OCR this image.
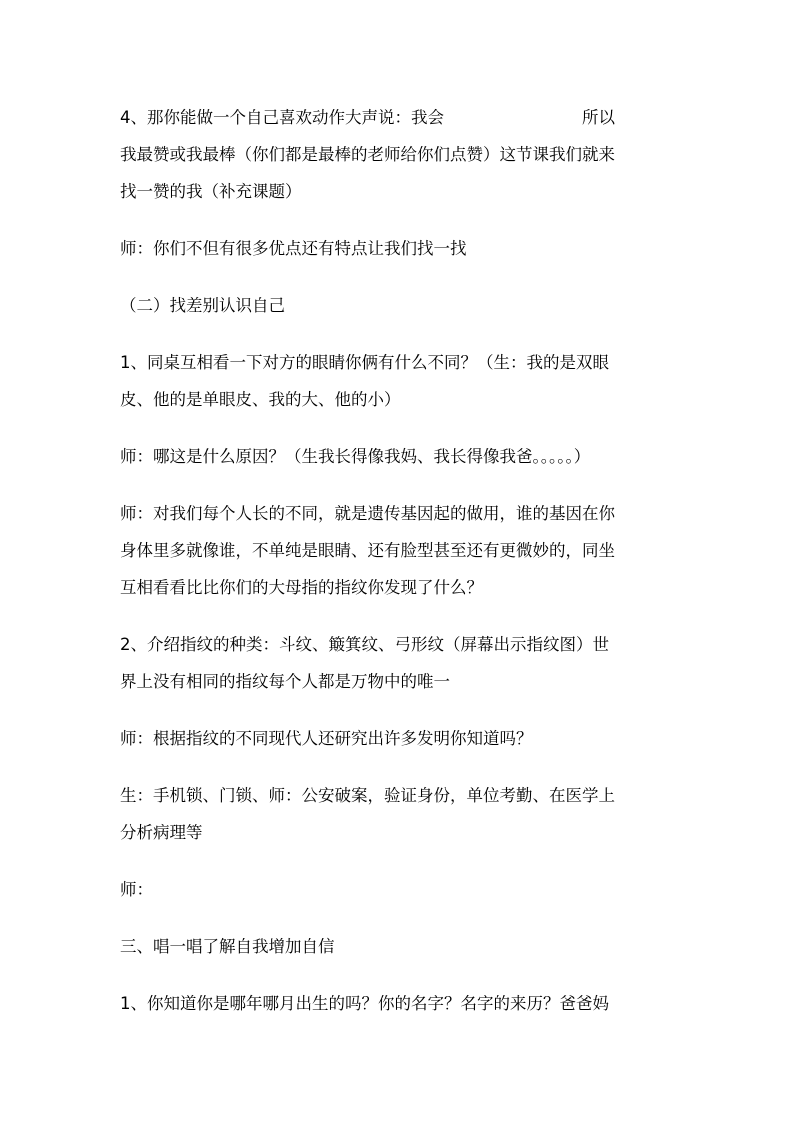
4、那你能做一个自己喜欢动作大声说：我会	所以
我最赞或我最棒（你们都是最棒的老师给你们点赞）这节课我们就来
找一赞的我（补充课题）

师：你们不但有很多优点还有特点让我们找一找

（二）找差别认识自己

1、同桌互相看一下对方的眼睛你俩有什么不同？（生：我的是双眼
皮、他的是单眼皮、我的大、他的小）

师：哪这是什么原因？（生我长得像我妈、我长得像我爸。。。。。）

师：对我们每个人长的不同，就是遗传基因起的做用，谁的基因在你
身体里多就像谁，不单纯是眼睛、还有脸型甚至还有更微妙的，同坐
互相看看比比你们的大母指的指纹你发现了什么？

2、介绍指纹的种类：斗纹、簸箕纹、弓形纹（屏幕出示指纹图）世
界上没有相同的指纹每个人都是万物中的唯一

师：根据指纹的不同现代人还研究出许多发明你知道吗？

生：手机锁、门锁、师：公安破案，验证身份，单位考勤、在医学上
分析病理等

师：

三、唱一唱了解自我增加自信

1、你知道你是哪年哪月出生的吗？你的名字？名字的来历？爸爸妈
